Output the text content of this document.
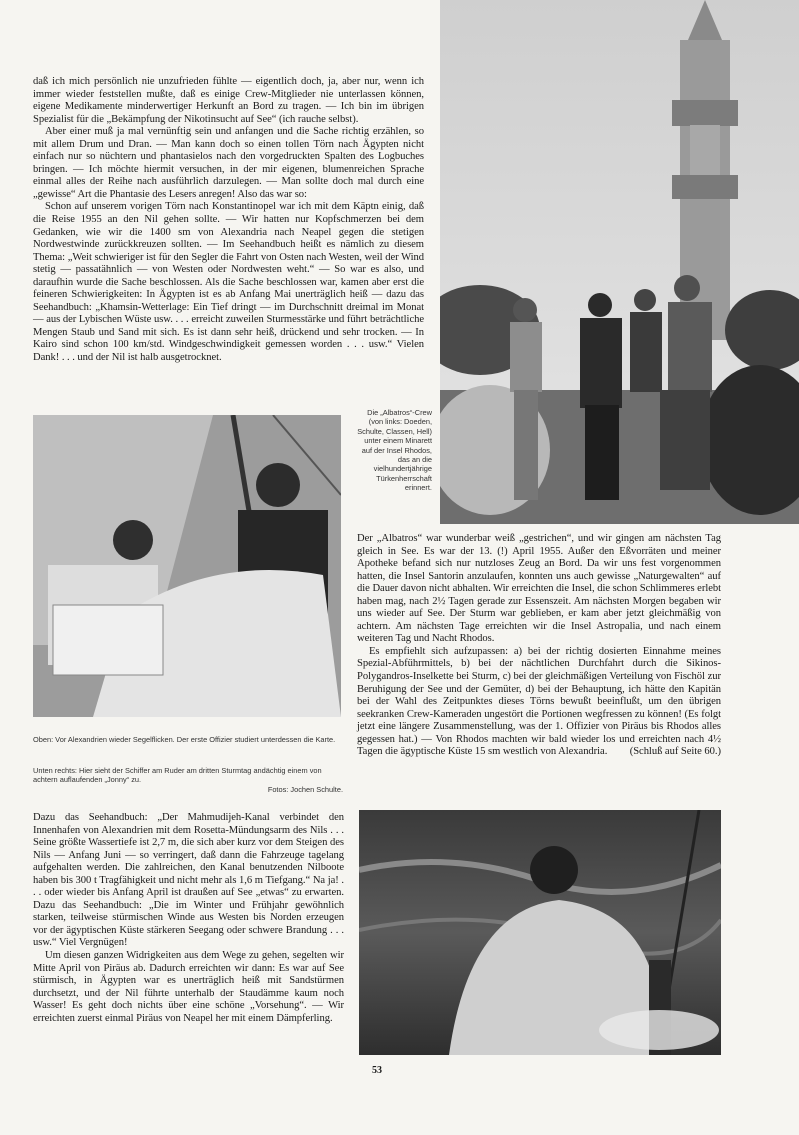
daß ich mich persönlich nie unzufrieden fühlte — eigentlich doch, ja, aber nur, wenn ich immer wieder feststellen mußte, daß es einige Crew-Mitglieder nie unterlassen können, eigene Medikamente minderwertiger Herkunft an Bord zu tragen. — Ich bin im übrigen Spezialist für die „Bekämpfung der Nikotinsucht auf See“ (ich rauche selbst).

Aber einer muß ja mal vernünftig sein und anfangen und die Sache richtig erzählen, so mit allem Drum und Dran. — Man kann doch so einen tollen Törn nach Ägypten nicht einfach nur so nüchtern und phantasielos nach den vorgedruckten Spalten des Logbuches bringen. — Ich möchte hiermit versuchen, in der mir eigenen, blumenreichen Sprache einmal alles der Reihe nach ausführlich darzulegen. — Man sollte doch mal durch eine „gewisse“ Art die Phantasie des Lesers anregen! Also das war so:

Schon auf unserem vorigen Törn nach Konstantinopel war ich mit dem Käptn einig, daß die Reise 1955 an den Nil gehen sollte. — Wir hatten nur Kopfschmerzen bei dem Gedanken, wie wir die 1400 sm von Alexandria nach Neapel gegen die stetigen Nordwestwinde zurückkreuzen sollten. — Im Seehandbuch heißt es nämlich zu diesem Thema: „Weit schwieriger ist für den Segler die Fahrt von Osten nach Westen, weil der Wind stetig — passatähnlich — von Westen oder Nordwesten weht.“ — So war es also, und daraufhin wurde die Sache beschlossen. Als die Sache beschlossen war, kamen aber erst die feineren Schwierigkeiten: In Ägypten ist es ab Anfang Mai unerträglich heiß — dazu das Seehandbuch: „Khamsin-Wetterlage: Ein Tief dringt — im Durchschnitt dreimal im Monat — aus der Lybischen Wüste usw. . . . erreicht zuweilen Sturmesstärke und führt beträchtliche Mengen Staub und Sand mit sich. Es ist dann sehr heiß, drückend und sehr trocken. — In Kairo sind schon 100 km/std. Windgeschwindigkeit gemessen worden . . . usw.“ Vielen Dank! . . . und der Nil ist halb ausgetrocknet.

Die „Albatros“-Crew (von links: Doeden, Schulte, Classen, Hell) unter einem Minarett auf der Insel Rhodos, das an die vielhundertjährige Türkenherrschaft erinnert.

Der „Albatros“ war wunderbar weiß „gestrichen“, und wir gingen am nächsten Tag gleich in See. Es war der 13. (!) April 1955. Außer den Eßvorräten und meiner Apotheke befand sich nur nutzloses Zeug an Bord. Da wir uns fest vorgenommen hatten, die Insel Santorin anzulaufen, konnten uns auch gewisse „Naturgewalten“ auf die Dauer davon nicht abhalten. Wir erreichten die Insel, die schon Schlimmeres erlebt haben mag, nach 2½ Tagen gerade zur Essenszeit. Am nächsten Morgen begaben wir uns wieder auf See. Der Sturm war geblieben, er kam aber jetzt gleichmäßig von achtern. Am nächsten Tage erreichten wir die Insel Astropalia, und nach einem weiteren Tag und Nacht Rhodos.

Es empfiehlt sich aufzupassen: a) bei der richtig dosierten Einnahme meines Spezial-Abführmittels, b) bei der nächtlichen Durchfahrt durch die Sikinos-Polygandros-Inselkette bei Sturm, c) bei der gleichmäßigen Verteilung von Fischöl zur Beruhigung der See und der Gemüter, d) bei der Behauptung, ich hätte den Kapitän bei der Wahl des Zeitpunktes dieses Törns bewußt beeinflußt, um den übrigen seekranken Crew-Kameraden ungestört die Portionen wegfressen zu können! (Es folgt jetzt eine längere Zusammenstellung, was der 1. Offizier von Piräus bis Rhodos alles gegessen hat.) — Von Rhodos machten wir bald wieder los und erreichten nach 4½ Tagen die ägyptische Küste 15 sm westlich von Alexandria.	(Schluß auf Seite 60.)

Oben: Vor Alexandrien wieder Segelflicken. Der erste Offizier studiert unterdessen die Karte.
Unten rechts: Hier sieht der Schiffer am Ruder am dritten Sturmtag andächtig einem von achtern auflaufenden „Jonny“ zu.
Fotos: Jochen Schulte.

Dazu das Seehandbuch: „Der Mahmudijeh-Kanal verbindet den Innenhafen von Alexandrien mit dem Rosetta-Mündungsarm des Nils . . . Seine größte Wassertiefe ist 2,7 m, die sich aber kurz vor dem Steigen des Nils — Anfang Juni — so verringert, daß dann die Fahrzeuge tagelang aufgehalten werden. Die zahlreichen, den Kanal benutzenden Nilboote haben bis 300 t Tragfähigkeit und nicht mehr als 1,6 m Tiefgang.“ Na ja! . . . oder wieder bis Anfang April ist draußen auf See „etwas“ zu erwarten. Dazu das Seehandbuch: „Die im Winter und Frühjahr gewöhnlich starken, teilweise stürmischen Winde aus Westen bis Norden erzeugen vor der ägyptischen Küste stärkeren Seegang oder schwere Brandung . . . usw.“ Viel Vergnügen!

Um diesen ganzen Widrigkeiten aus dem Wege zu gehen, segelten wir Mitte April von Piräus ab. Dadurch erreichten wir dann: Es war auf See stürmisch, in Ägypten war es unerträglich heiß mit Sandstürmen durchsetzt, und der Nil führte unterhalb der Staudämme kaum noch Wasser! Es geht doch nichts über eine schöne „Vorsehung“. — Wir erreichten zuerst einmal Piräus von Neapel her mit einem Dämpferling.

53
